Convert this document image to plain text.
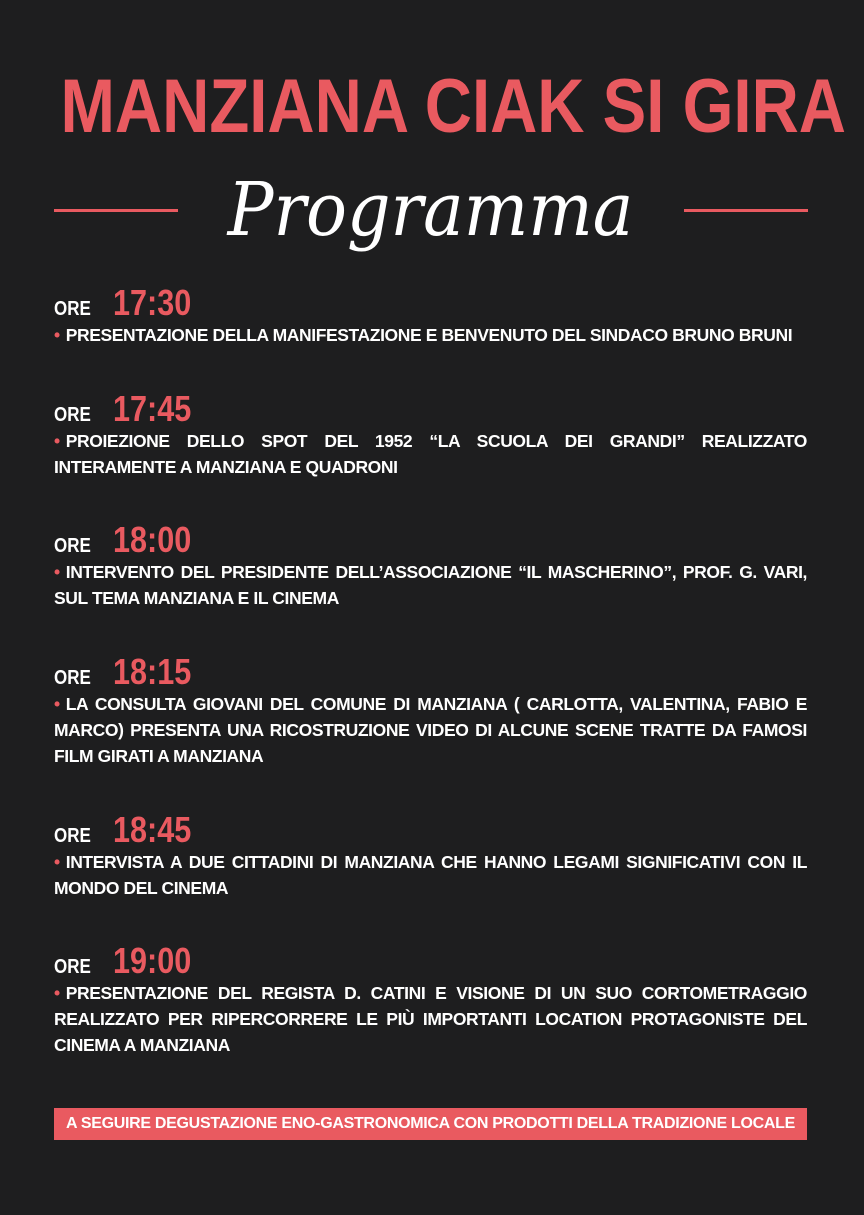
MANZIANA CIAK SI GIRA
Programma
ORE 17:30
• PRESENTAZIONE DELLA MANIFESTAZIONE E BENVENUTO DEL SINDACO BRUNO BRUNI
ORE 17:45
• PROIEZIONE DELLO SPOT DEL 1952 “LA SCUOLA DEI GRANDI” REALIZZATO INTERAMENTE A MANZIANA E QUADRONI
ORE 18:00
• INTERVENTO DEL PRESIDENTE DELL’ASSOCIAZIONE “IL MASCHERINO”, PROF. G. VARI, SUL TEMA MANZIANA E IL CINEMA
ORE 18:15
• LA CONSULTA GIOVANI DEL COMUNE DI MANZIANA ( CARLOTTA, VALENTINA, FABIO E MARCO) PRESENTA UNA RICOSTRUZIONE VIDEO DI ALCUNE SCENE TRATTE DA FAMOSI FILM GIRATI A MANZIANA
ORE 18:45
• INTERVISTA A DUE CITTADINI DI MANZIANA CHE HANNO LEGAMI SIGNIFICATIVI CON IL MONDO DEL CINEMA
ORE 19:00
• PRESENTAZIONE DEL REGISTA D. CATINI E VISIONE DI UN SUO CORTOMETRAGGIO REALIZZATO PER RIPERCORRERE LE PIÙ IMPORTANTI LOCATION PROTAGONISTE DEL CINEMA A MANZIANA
A SEGUIRE DEGUSTAZIONE ENO-GASTRONOMICA CON PRODOTTI DELLA TRADIZIONE LOCALE
